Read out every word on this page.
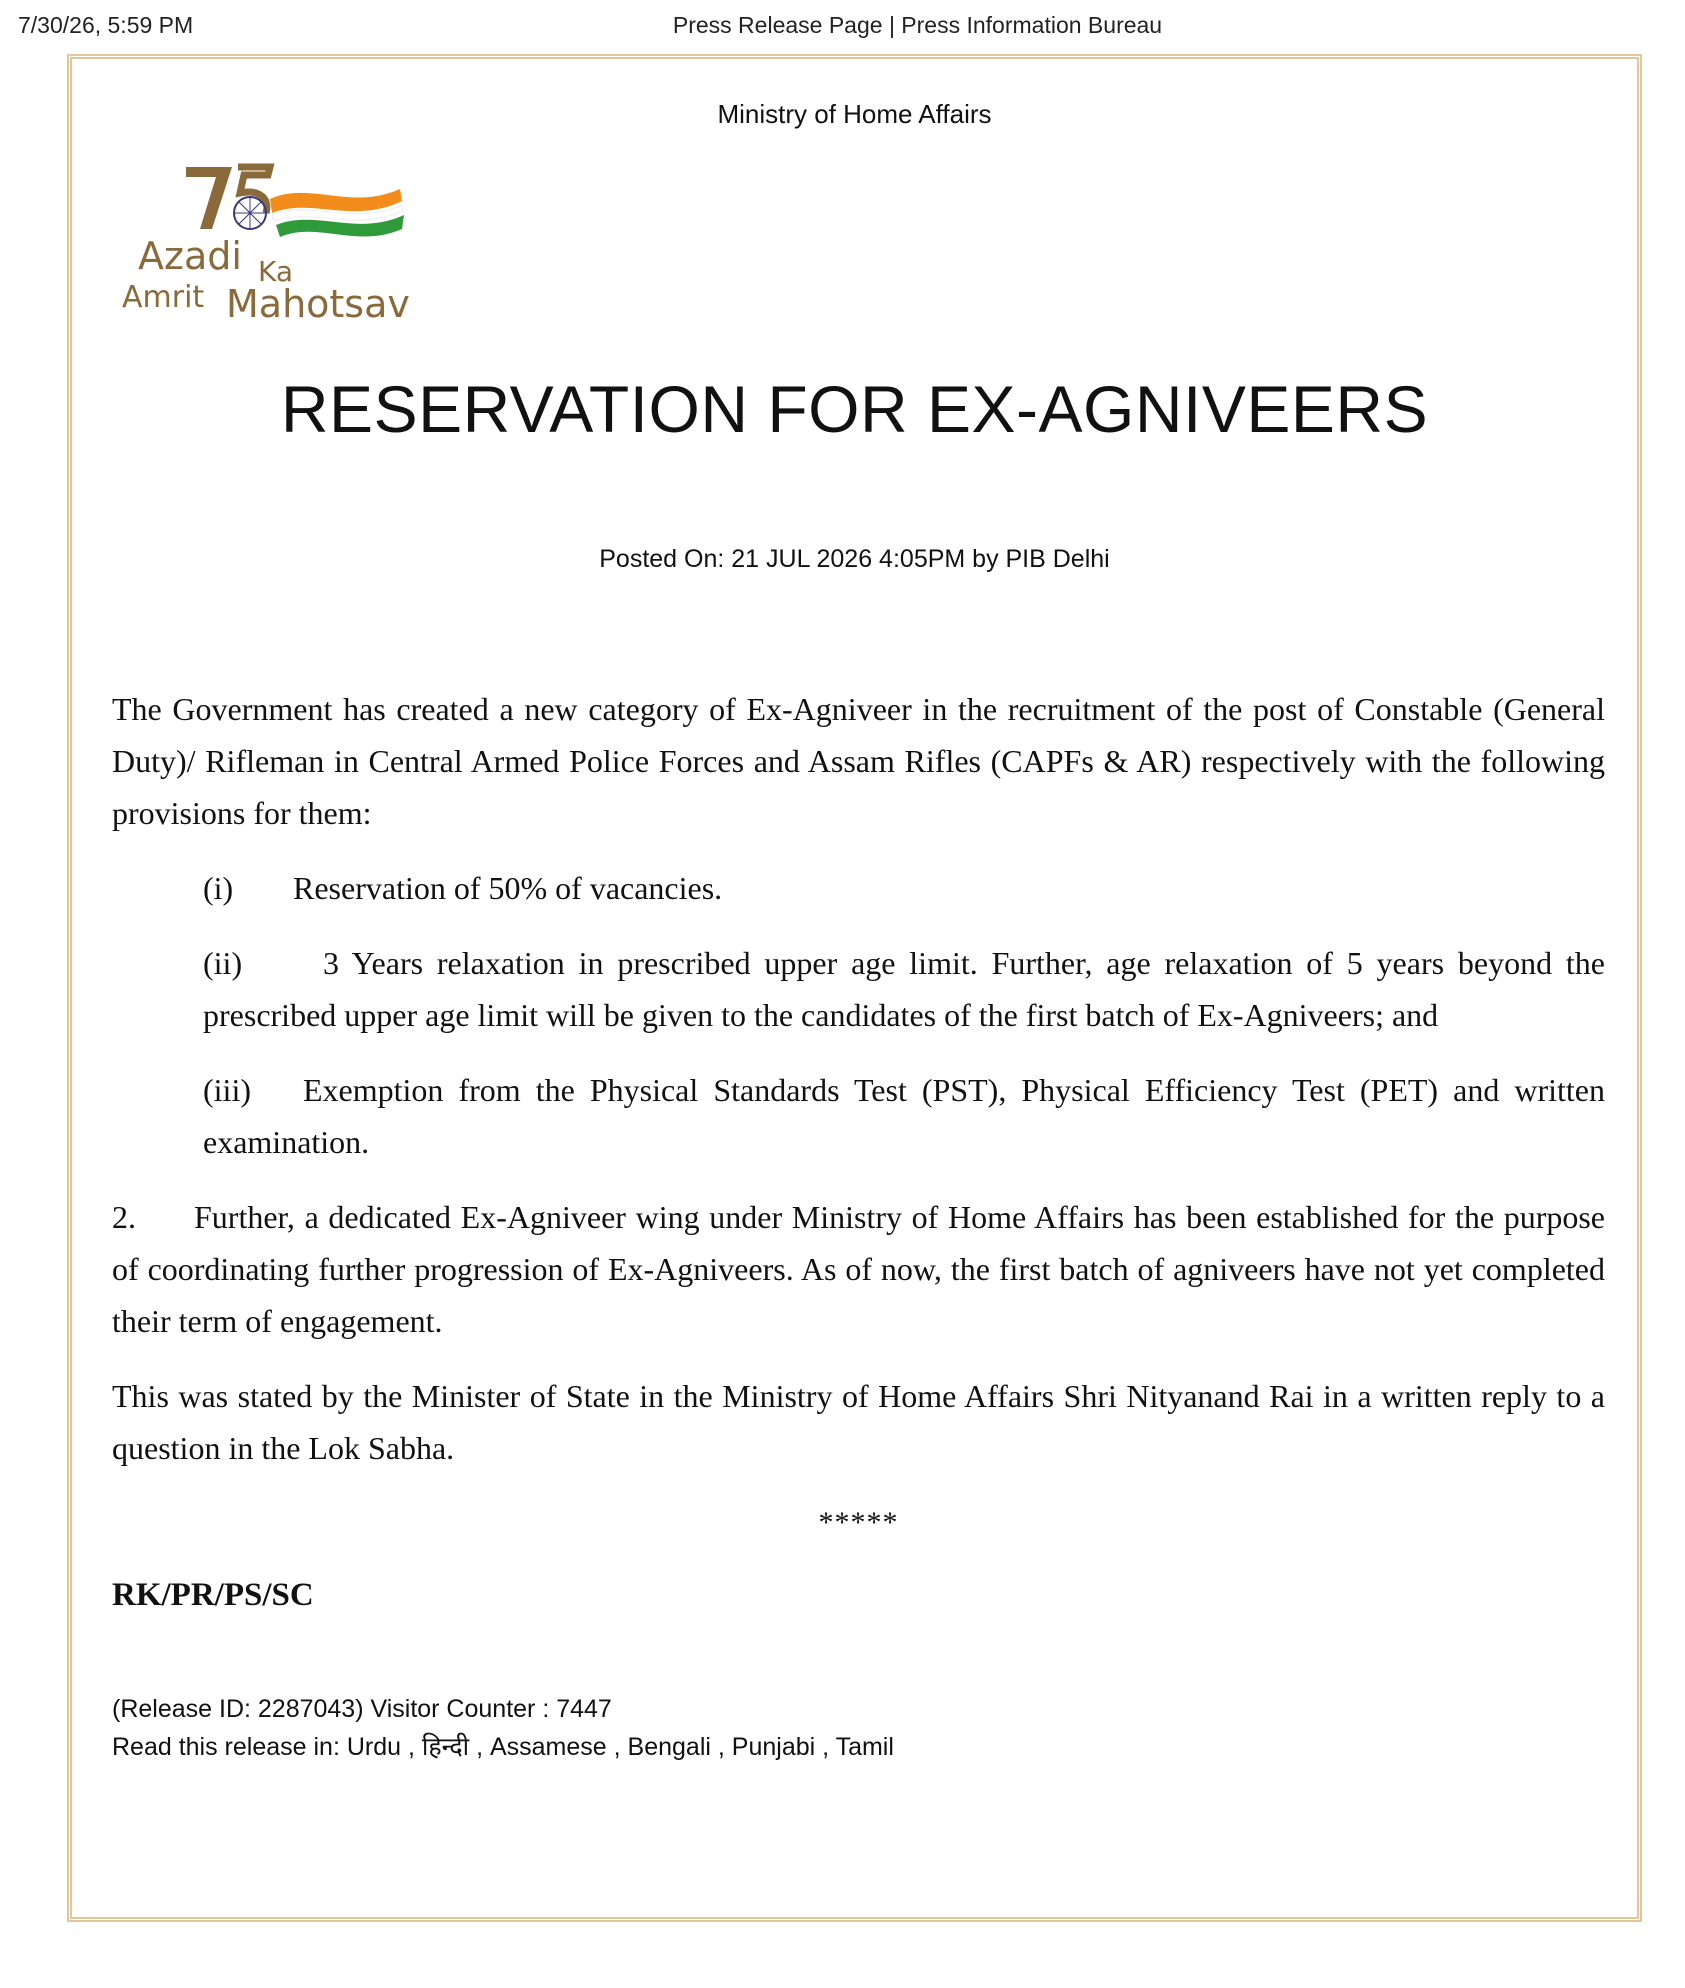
7/30/26, 5:59 PM	Press Release Page | Press Information Bureau
Ministry of Home Affairs
Azadi Ka
Amrit Mahotsav
RESERVATION FOR EX-AGNIVEERS
Posted On: 21 JUL 2026 4:05PM by PIB Delhi

The Government has created a new category of Ex-Agniveer in the recruitment of the post of Constable (General Duty)/ Rifleman in Central Armed Police Forces and Assam Rifles (CAPFs & AR) respectively with the following provisions for them:

(i) Reservation of 50% of vacancies.

(ii)	3 Years relaxation in prescribed upper age limit. Further, age relaxation of 5 years beyond the prescribed upper age limit will be given to the candidates of the first batch of Ex-Agniveers; and

(iii) Exemption from the Physical Standards Test (PST), Physical Efficiency Test (PET) and written examination.

2. Further, a dedicated Ex-Agniveer wing under Ministry of Home Affairs has been established for the purpose of coordinating further progression of Ex-Agniveers. As of now, the first batch of agniveers have not yet completed their term of engagement.

This was stated by the Minister of State in the Ministry of Home Affairs Shri Nityanand Rai in a written reply to a question in the Lok Sabha.

*****
RK/PR/PS/SC
(Release ID: 2287043) Visitor Counter : 7447
Read this release in: Urdu , हिन्दी , Assamese , Bengali , Punjabi , Tamil
